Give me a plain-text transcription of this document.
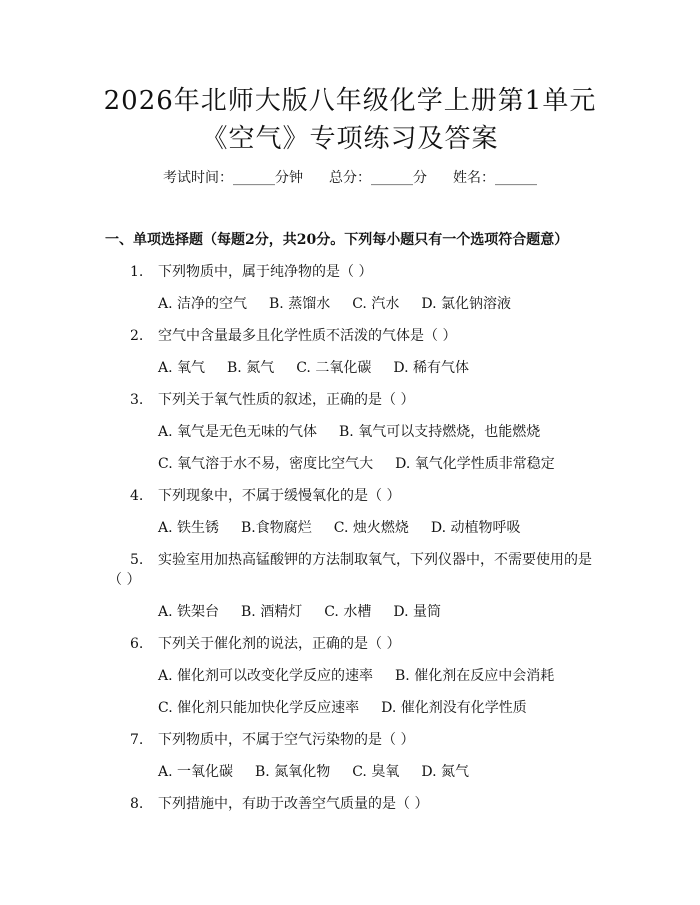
2026年北师大版八年级化学上册第1单元
《空气》专项练习及答案
考试时间：______分钟 总分：______分 姓名：______
一、单项选择题（每题2分，共20分。下列每小题只有一个选项符合题意）
1. 下列物质中，属于纯净物的是（ ）
A. 洁净的空气 B. 蒸馏水 C. 汽水 D. 氯化钠溶液
2. 空气中含量最多且化学性质不活泼的气体是（ ）
A. 氧气 B. 氮气 C. 二氧化碳 D. 稀有气体
3. 下列关于氧气性质的叙述，正确的是（ ）
A. 氧气是无色无味的气体 B. 氧气可以支持燃烧，也能燃烧
C. 氧气溶于水不易，密度比空气大 D. 氧气化学性质非常稳定
4. 下列现象中，不属于缓慢氧化的是（ ）
A. 铁生锈 B.食物腐烂 C. 烛火燃烧 D. 动植物呼吸
5. 实验室用加热高锰酸钾的方法制取氧气，下列仪器中，不需要使用的是
（ ）
A. 铁架台 B. 酒精灯 C. 水槽 D. 量筒
6. 下列关于催化剂的说法，正确的是（ ）
A. 催化剂可以改变化学反应的速率 B. 催化剂在反应中会消耗
C. 催化剂只能加快化学反应速率 D. 催化剂没有化学性质
7. 下列物质中，不属于空气污染物的是（ ）
A. 一氧化碳 B. 氮氧化物 C. 臭氧 D. 氮气
8. 下列措施中，有助于改善空气质量的是（ ）
